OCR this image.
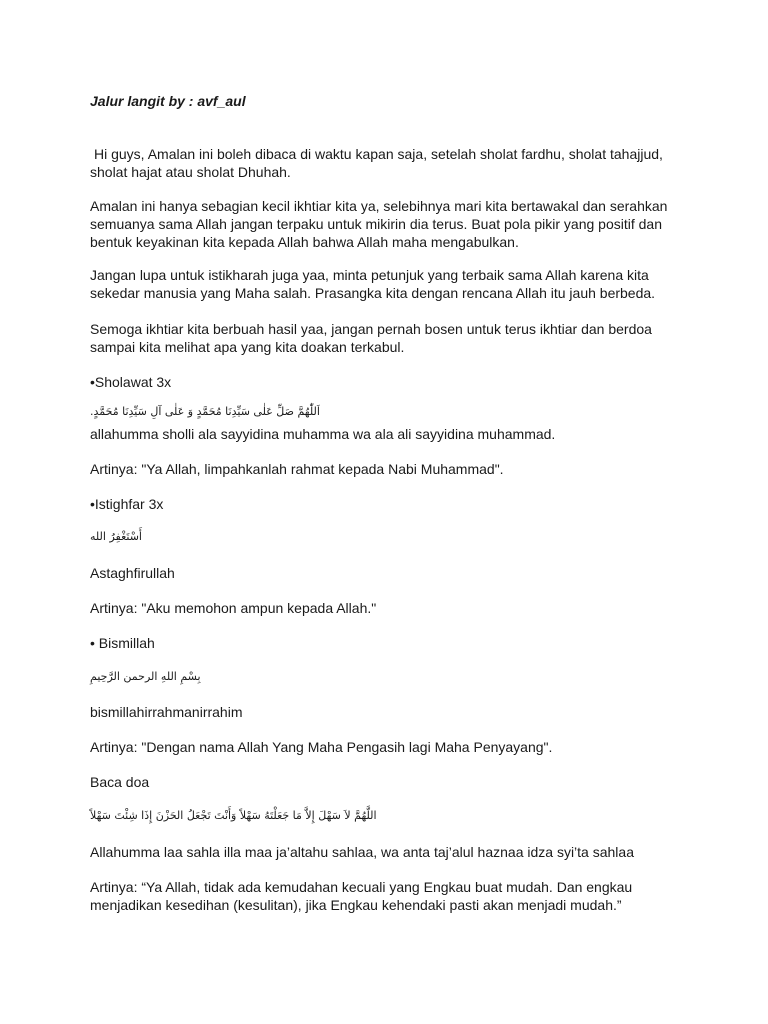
Jalur langit by : avf_aul

Hi guys, Amalan ini boleh dibaca di waktu kapan saja, setelah sholat fardhu, sholat tahajjud, sholat hajat atau sholat Dhuhah.

Amalan ini hanya sebagian kecil ikhtiar kita ya, selebihnya mari kita bertawakal dan serahkan semuanya sama Allah jangan terpaku untuk mikirin dia terus. Buat pola pikir yang positif dan bentuk keyakinan kita kepada Allah bahwa Allah maha mengabulkan.

Jangan lupa untuk istikharah juga yaa, minta petunjuk yang terbaik sama Allah karena kita sekedar manusia yang Maha salah. Prasangka kita dengan rencana Allah itu jauh berbeda.

Semoga ikhtiar kita berbuah hasil yaa, jangan pernah bosen untuk terus ikhtiar dan berdoa sampai kita melihat apa yang kita doakan terkabul.

•Sholawat 3x
اَللّٰهُمَّ صَلِّ عَلٰى سَيِّدِنَا مُحَمَّدٍ وَ عَلٰى آلِ سَيِّدِنَا مُحَمَّدٍ.
allahumma sholli ala sayyidina muhamma wa ala ali sayyidina muhammad.
Artinya: "Ya Allah, limpahkanlah rahmat kepada Nabi Muhammad".
•Istighfar 3x
أَسْتَغْفِرُ الله
Astaghfirullah
Artinya: "Aku memohon ampun kepada Allah."
• Bismillah
بِسْمِ اللهِ الرحمن الرَّحِيمِ
bismillahirrahmanirrahim
Artinya: "Dengan nama Allah Yang Maha Pengasih lagi Maha Penyayang".
Baca doa
اللَّهُمَّ لاَ سَهْلَ إِلاَّ مَا جَعَلْتَهُ سَهْلاً وَأَنْتَ تَجْعَلُ الحَزْنَ إِذَا شِئْتَ سَهْلاً
Allahumma laa sahla illa maa ja’altahu sahlaa, wa anta taj’alul haznaa idza syi’ta sahlaa

Artinya: “Ya Allah, tidak ada kemudahan kecuali yang Engkau buat mudah. Dan engkau menjadikan kesedihan (kesulitan), jika Engkau kehendaki pasti akan menjadi mudah.”
